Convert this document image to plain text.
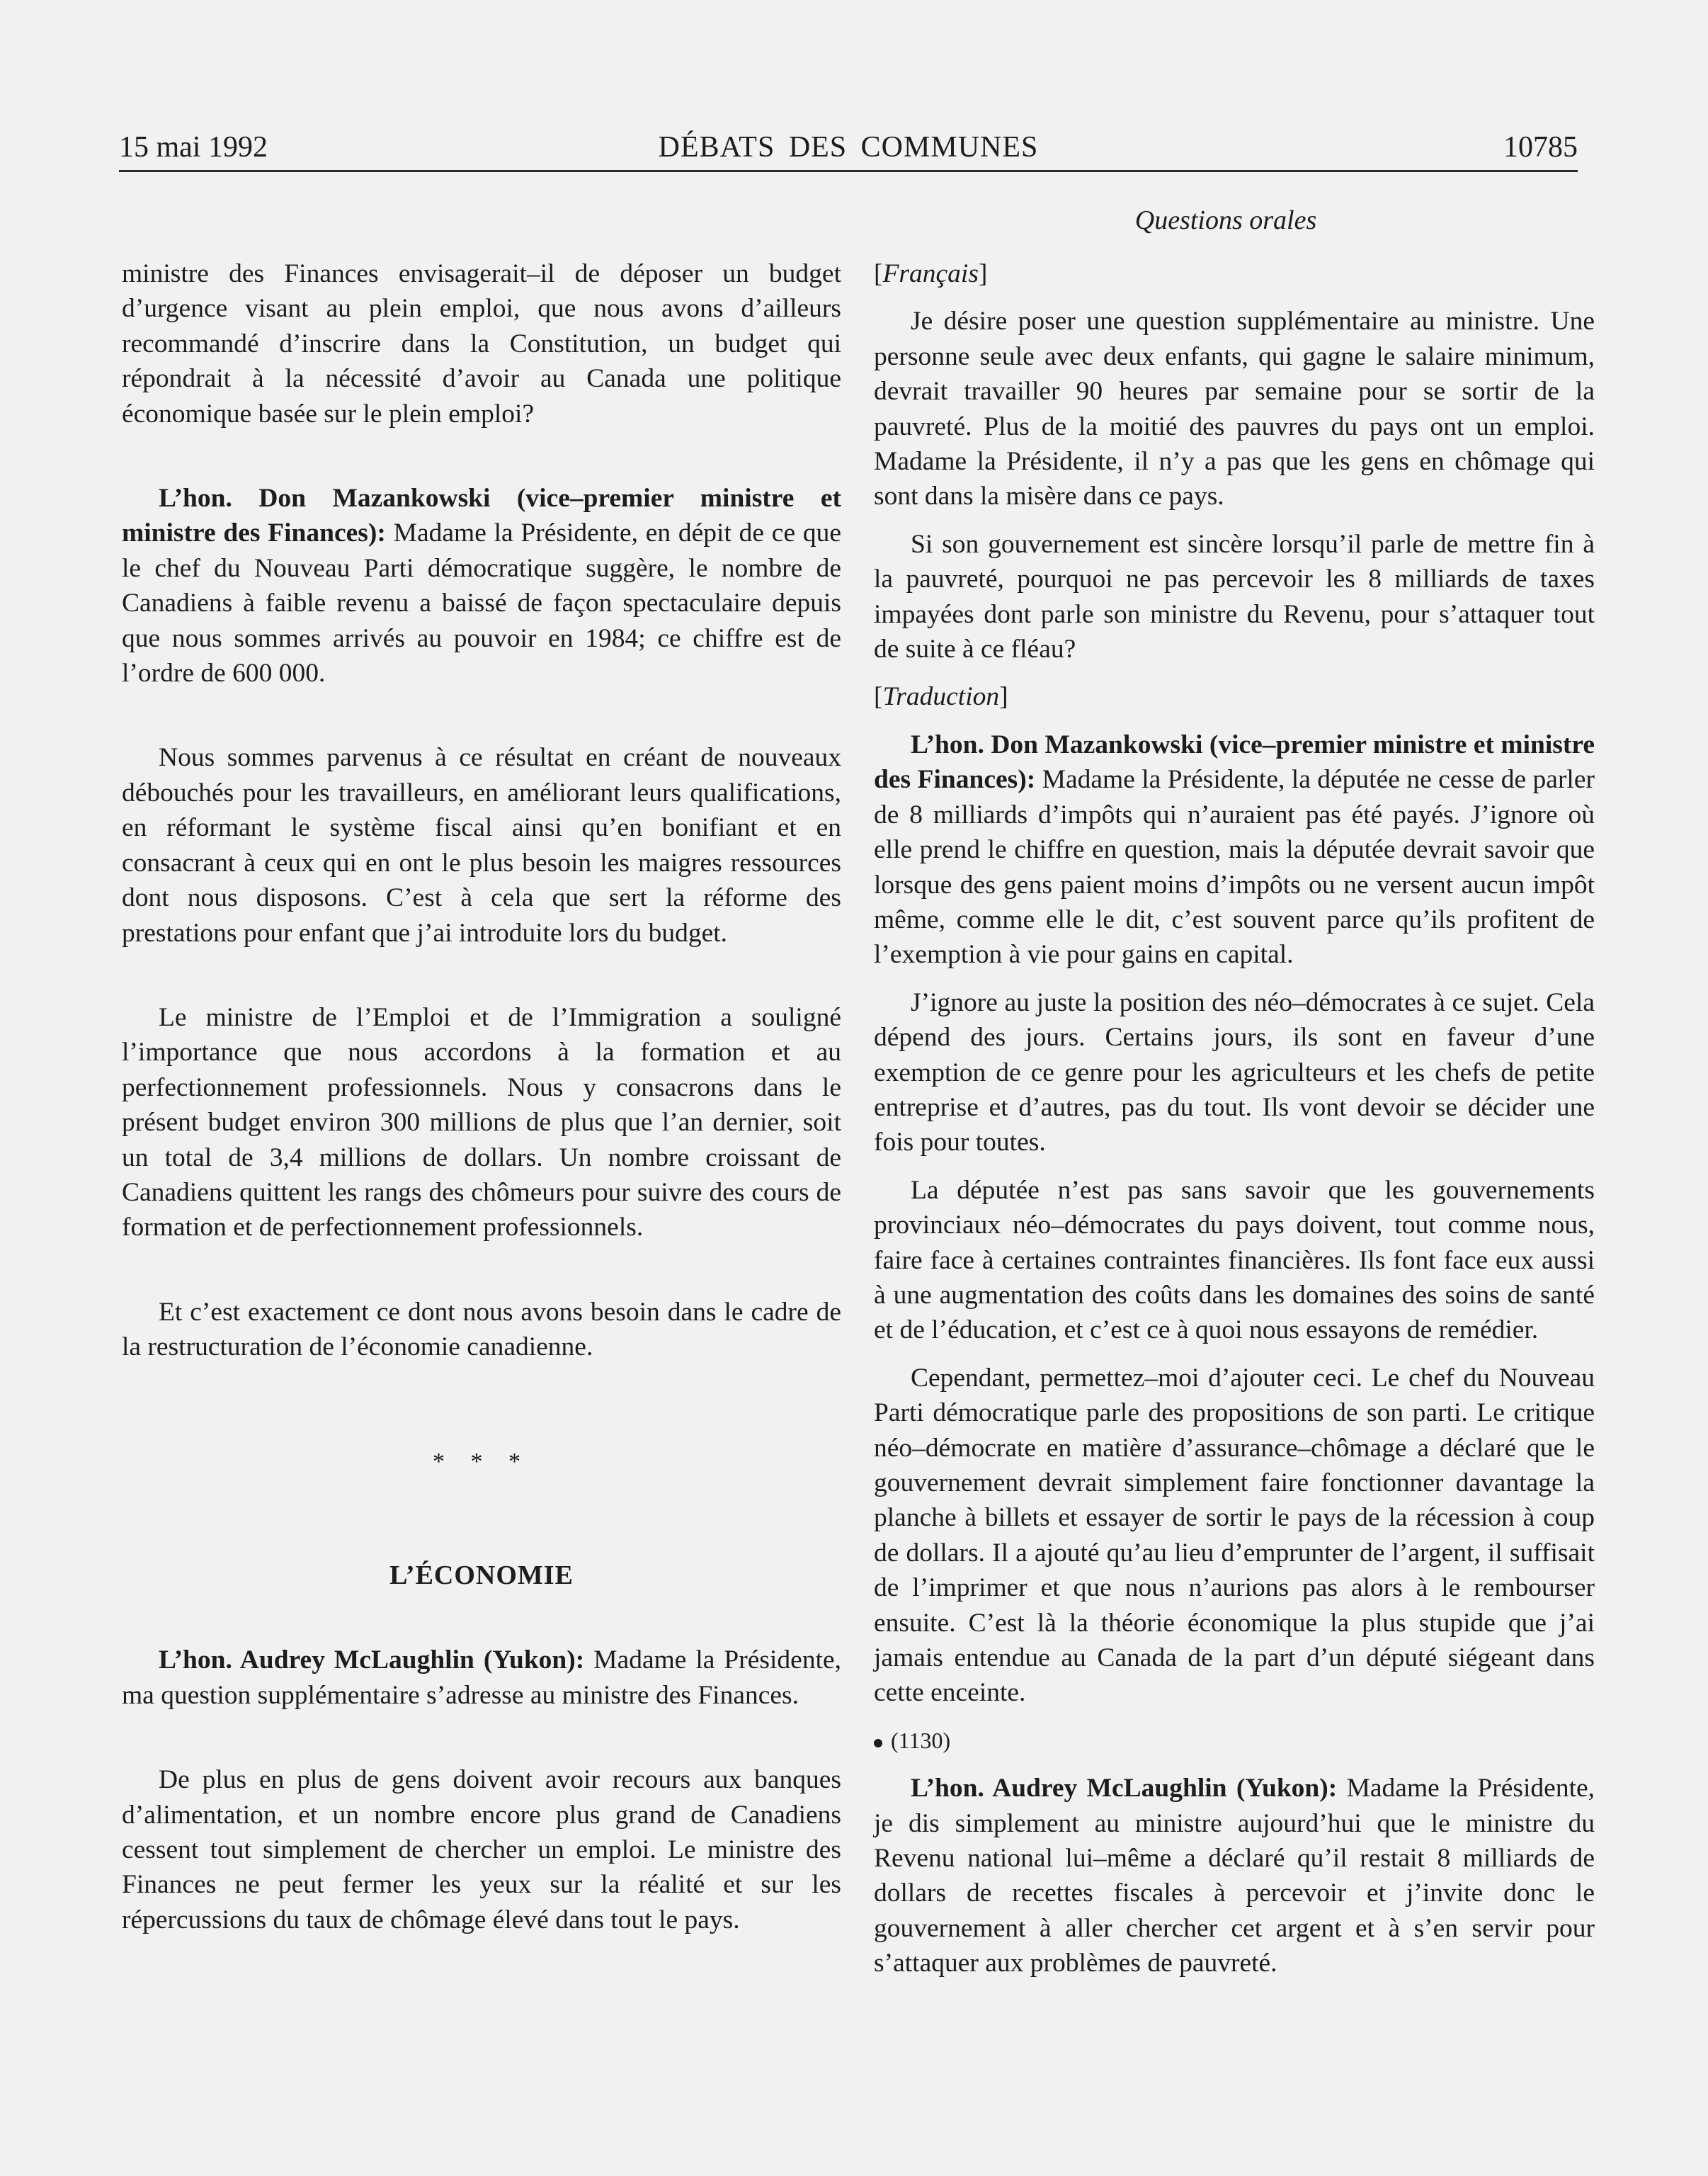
15 mai 1992	DÉBATS DES COMMUNES	10785
Questions orales

ministre des Finances envisagerait–il de déposer un budget d’urgence visant au plein emploi, que nous avons d’ailleurs recommandé d’inscrire dans la Constitution, un budget qui répondrait à la nécessité d’avoir au Canada une politique économique basée sur le plein emploi?

L’hon. Don Mazankowski (vice–premier ministre et ministre des Finances): Madame la Présidente, en dépit de ce que le chef du Nouveau Parti démocratique suggère, le nombre de Canadiens à faible revenu a baissé de façon spectaculaire depuis que nous sommes arrivés au pouvoir en 1984; ce chiffre est de l’ordre de 600 000.

Nous sommes parvenus à ce résultat en créant de nouveaux débouchés pour les travailleurs, en améliorant leurs qualifications, en réformant le système fiscal ainsi qu’en bonifiant et en consacrant à ceux qui en ont le plus besoin les maigres ressources dont nous disposons. C’est à cela que sert la réforme des prestations pour enfant que j’ai introduite lors du budget.

Le ministre de l’Emploi et de l’Immigration a souligné l’importance que nous accordons à la formation et au perfectionnement professionnels. Nous y consacrons dans le présent budget environ 300 millions de plus que l’an dernier, soit un total de 3,4 millions de dollars. Un nombre croissant de Canadiens quittent les rangs des chômeurs pour suivre des cours de formation et de perfectionnement professionnels.

Et c’est exactement ce dont nous avons besoin dans le cadre de la restructuration de l’économie canadienne.

* * *

L’ÉCONOMIE

L’hon. Audrey McLaughlin (Yukon): Madame la Présidente, ma question supplémentaire s’adresse au ministre des Finances.

De plus en plus de gens doivent avoir recours aux banques d’alimentation, et un nombre encore plus grand de Canadiens cessent tout simplement de chercher un emploi. Le ministre des Finances ne peut fermer les yeux sur la réalité et sur les répercussions du taux de chômage élevé dans tout le pays.

[Français]

Je désire poser une question supplémentaire au ministre. Une personne seule avec deux enfants, qui gagne le salaire minimum, devrait travailler 90 heures par semaine pour se sortir de la pauvreté. Plus de la moitié des pauvres du pays ont un emploi. Madame la Présidente, il n’y a pas que les gens en chômage qui sont dans la misère dans ce pays.

Si son gouvernement est sincère lorsqu’il parle de mettre fin à la pauvreté, pourquoi ne pas percevoir les 8 milliards de taxes impayées dont parle son ministre du Revenu, pour s’attaquer tout de suite à ce fléau?

[Traduction]

L’hon. Don Mazankowski (vice–premier ministre et ministre des Finances): Madame la Présidente, la députée ne cesse de parler de 8 milliards d’impôts qui n’auraient pas été payés. J’ignore où elle prend le chiffre en question, mais la députée devrait savoir que lorsque des gens paient moins d’impôts ou ne versent aucun impôt même, comme elle le dit, c’est souvent parce qu’ils profitent de l’exemption à vie pour gains en capital.

J’ignore au juste la position des néo–démocrates à ce sujet. Cela dépend des jours. Certains jours, ils sont en faveur d’une exemption de ce genre pour les agriculteurs et les chefs de petite entreprise et d’autres, pas du tout. Ils vont devoir se décider une fois pour toutes.

La députée n’est pas sans savoir que les gouvernements provinciaux néo–démocrates du pays doivent, tout comme nous, faire face à certaines contraintes financières. Ils font face eux aussi à une augmentation des coûts dans les domaines des soins de santé et de l’éducation, et c’est ce à quoi nous essayons de remédier.

Cependant, permettez–moi d’ajouter ceci. Le chef du Nouveau Parti démocratique parle des propositions de son parti. Le critique néo–démocrate en matière d’assurance–chômage a déclaré que le gouvernement devrait simplement faire fonctionner davantage la planche à billets et essayer de sortir le pays de la récession à coup de dollars. Il a ajouté qu’au lieu d’emprunter de l’argent, il suffisait de l’imprimer et que nous n’aurions pas alors à le rembourser ensuite. C’est là la théorie économique la plus stupide que j’ai jamais entendue au Canada de la part d’un député siégeant dans cette enceinte.

(1130)

L’hon. Audrey McLaughlin (Yukon): Madame la Présidente, je dis simplement au ministre aujourd’hui que le ministre du Revenu national lui–même a déclaré qu’il restait 8 milliards de dollars de recettes fiscales à percevoir et j’invite donc le gouvernement à aller chercher cet argent et à s’en servir pour s’attaquer aux problèmes de pauvreté.
